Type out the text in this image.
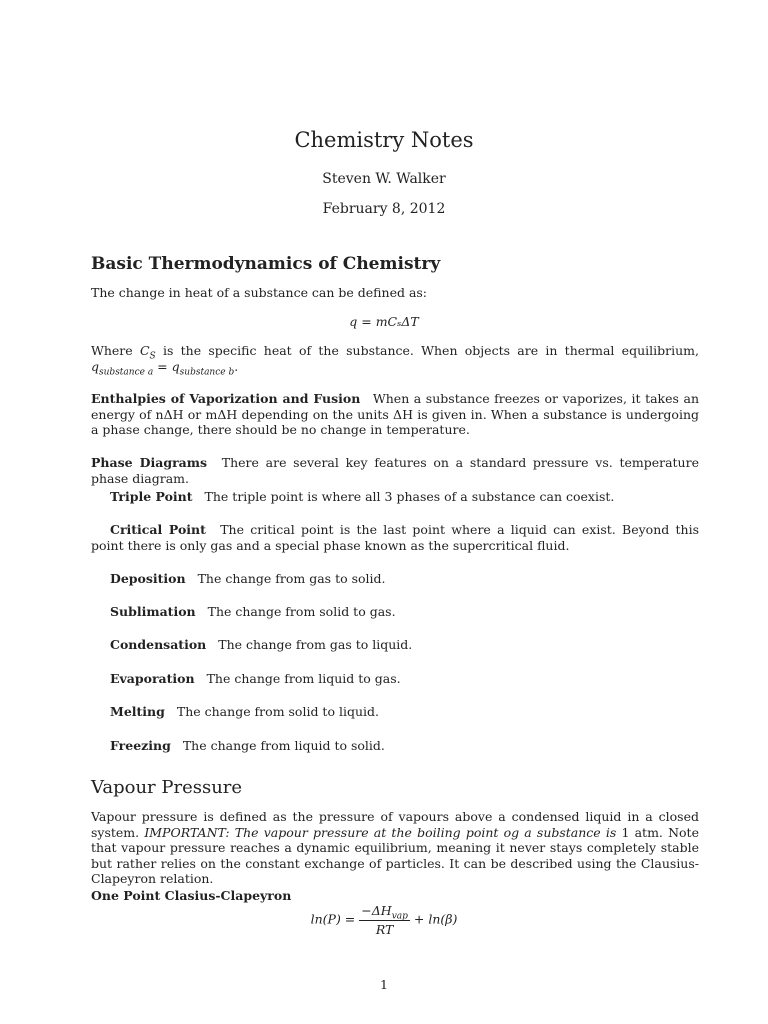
Chemistry Notes
Steven W. Walker
February 8, 2012
Basic Thermodynamics of Chemistry
The change in heat of a substance can be defined as:
q = mCₛΔT
Where $C_S$ is the specific heat of the substance. When objects are in thermal equilibrium, $q_{substance a} = q_{substance b}$.
Enthalpies of Vaporization and Fusion When a substance freezes or vaporizes, it takes an energy of nΔH or mΔH depending on the units ΔH is given in. When a substance is undergoing a phase change, there should be no change in temperature.
Phase Diagrams There are several key features on a standard pressure vs. temperature phase diagram.
Triple Point The triple point is where all 3 phases of a substance can coexist.
Critical Point The critical point is the last point where a liquid can exist. Beyond this point there is only gas and a special phase known as the supercritical fluid.
Deposition The change from gas to solid.
Sublimation The change from solid to gas.
Condensation The change from gas to liquid.
Evaporation The change from liquid to gas.
Melting The change from solid to liquid.
Freezing The change from liquid to solid.
Vapour Pressure
Vapour pressure is defined as the pressure of vapours above a condensed liquid in a closed system. IMPORTANT: The vapour pressure at the boiling point og a substance is 1 atm. Note that vapour pressure reaches a dynamic equilibrium, meaning it never stays completely stable but rather relies on the constant exchange of particles. It can be described using the Clausius-Clapeyron relation.
One Point Clasius-Clapeyron
$\ln(P) = \frac{-\Delta H_{vap}}{RT} + \ln(\beta)$
1
